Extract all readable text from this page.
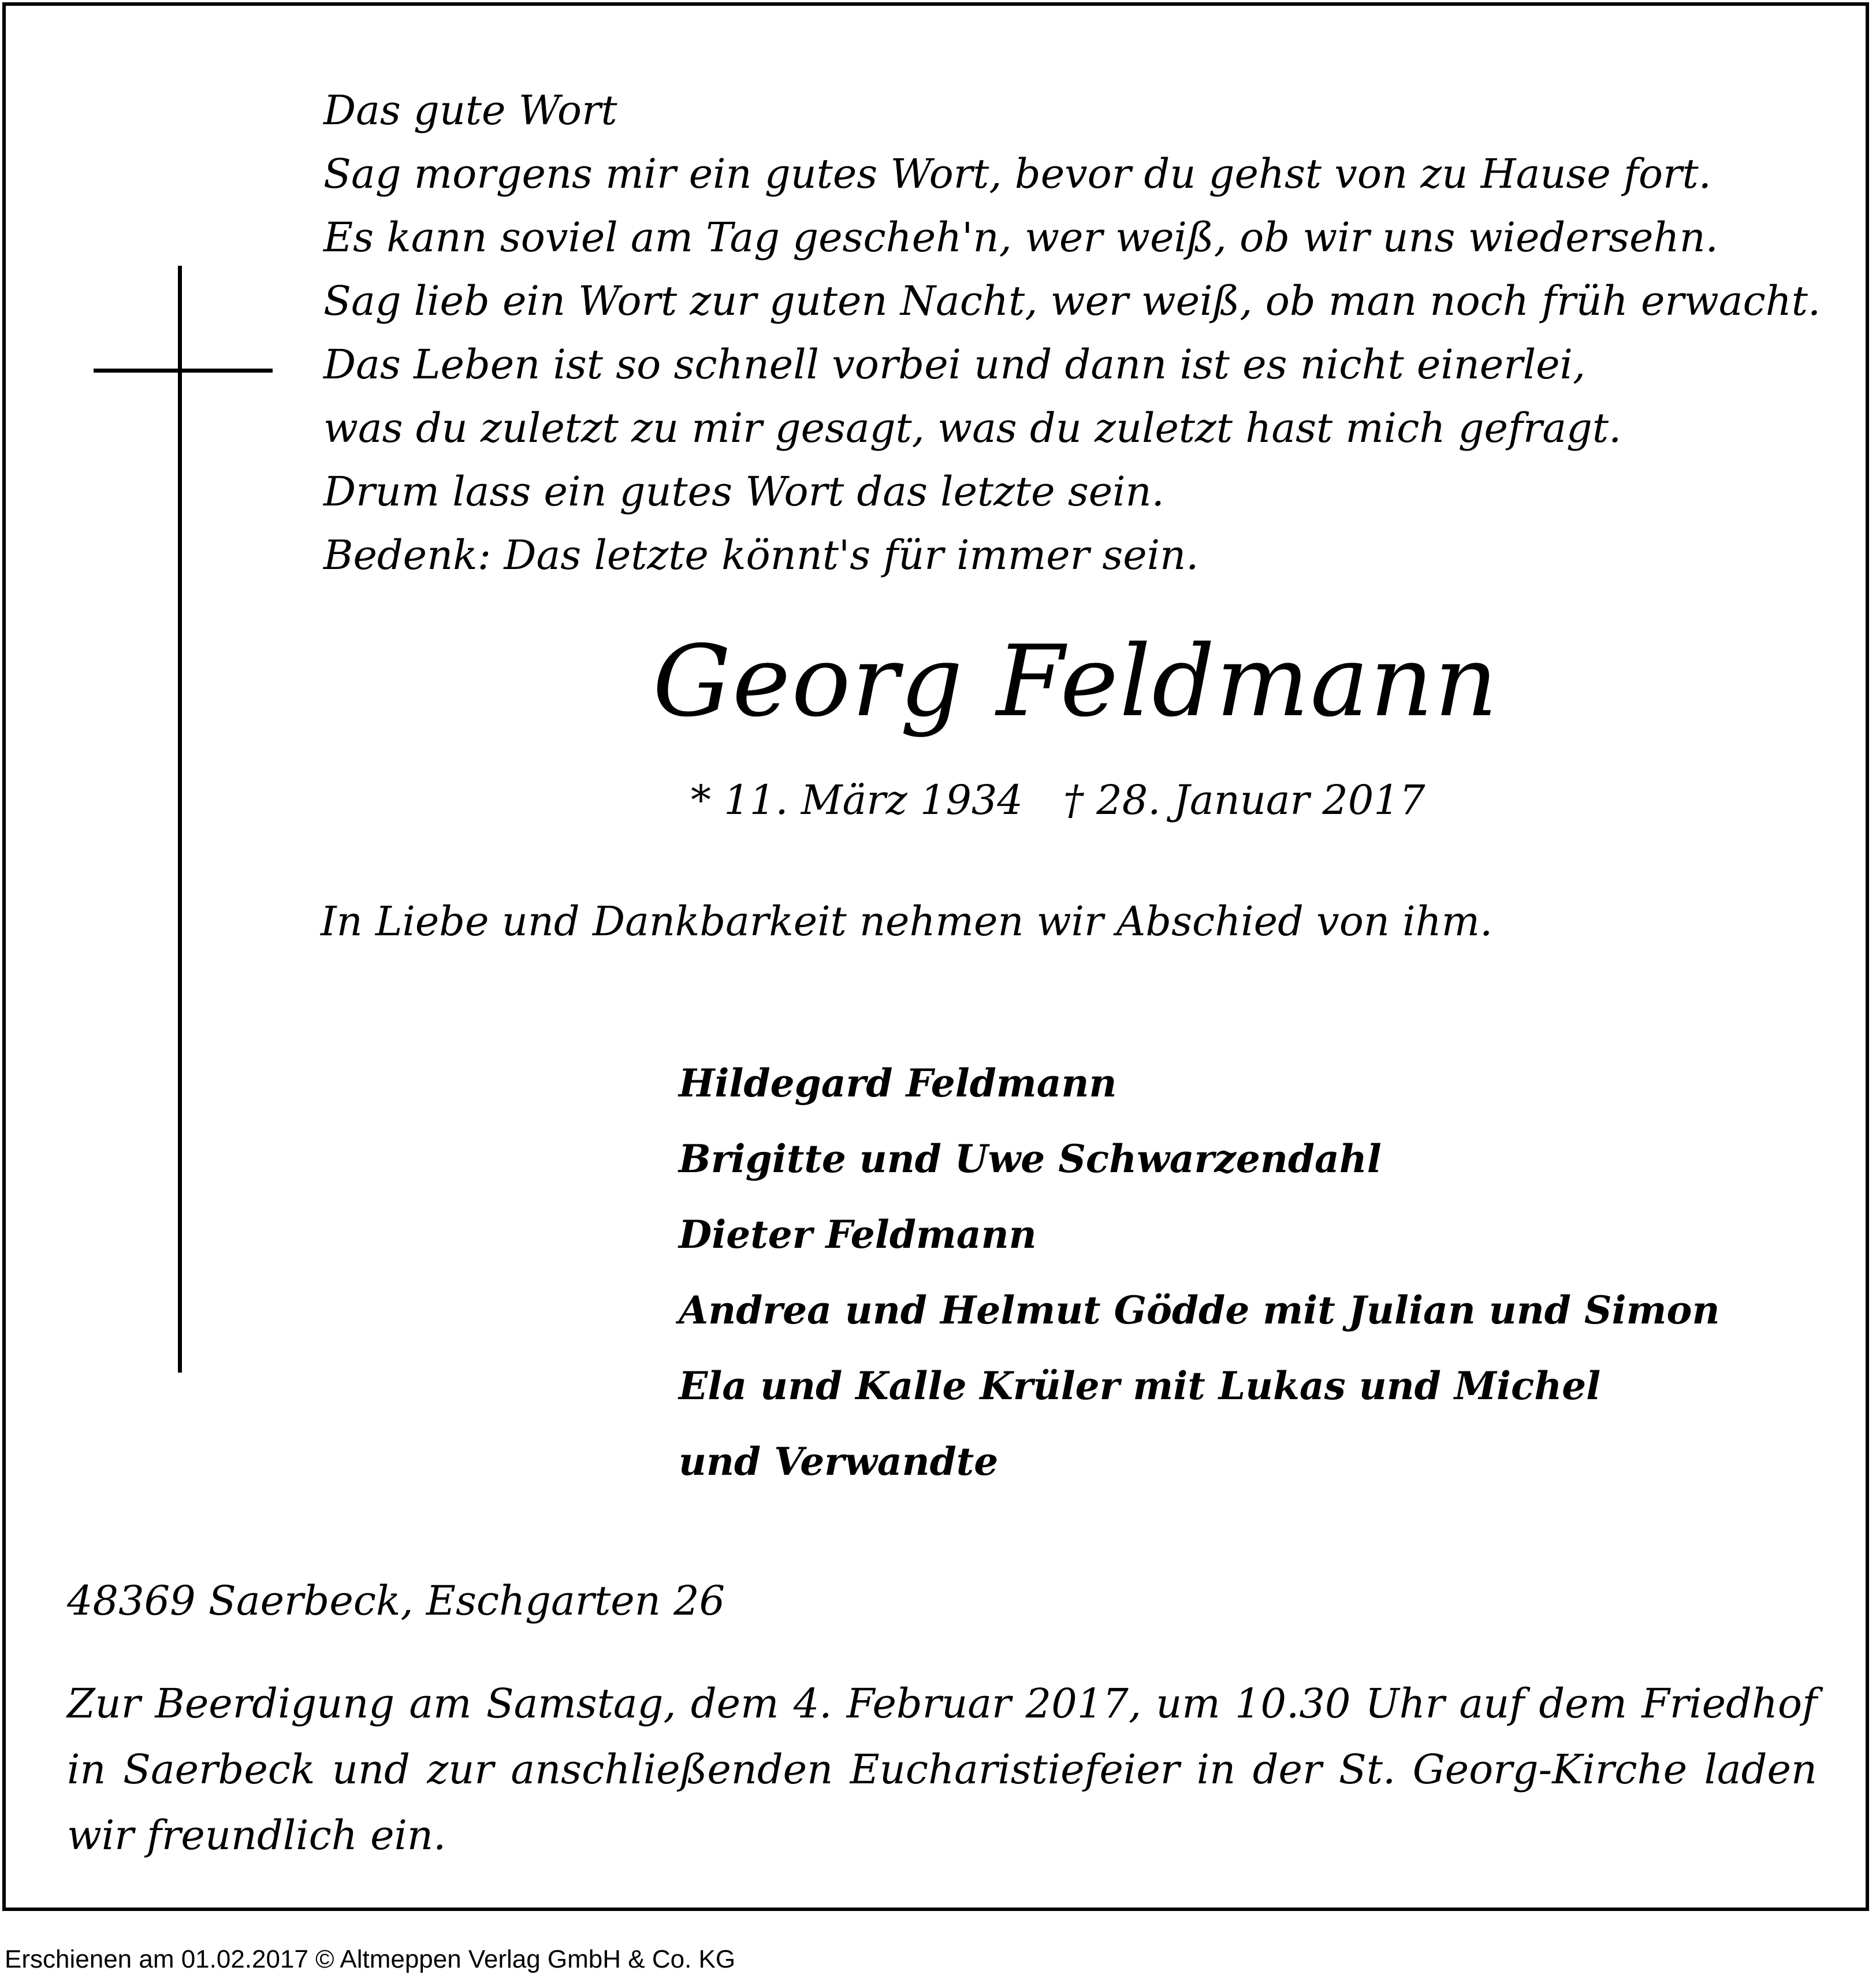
Das gute Wort
Sag morgens mir ein gutes Wort, bevor du gehst von zu Hause fort.
Es kann soviel am Tag gescheh'n, wer weiß, ob wir uns wiedersehn.
Sag lieb ein Wort zur guten Nacht, wer weiß, ob man noch früh erwacht.
Das Leben ist so schnell vorbei und dann ist es nicht einerlei,
was du zuletzt zu mir gesagt, was du zuletzt hast mich gefragt.
Drum lass ein gutes Wort das letzte sein.
Bedenk: Das letzte könnt's für immer sein.
Georg Feldmann
* 11. März 1934 † 28. Januar 2017
In Liebe und Dankbarkeit nehmen wir Abschied von ihm.
Hildegard Feldmann
Brigitte und Uwe Schwarzendahl
Dieter Feldmann
Andrea und Helmut Gödde mit Julian und Simon
Ela und Kalle Krüler mit Lukas und Michel
und Verwandte
48369 Saerbeck, Eschgarten 26
Zur Beerdigung am Samstag, dem 4. Februar 2017, um 10.30 Uhr auf dem Friedhof
in Saerbeck und zur anschließenden Eucharistiefeier in der St. Georg-Kirche laden
wir freundlich ein.
Erschienen am 01.02.2017 © Altmeppen Verlag GmbH & Co. KG
